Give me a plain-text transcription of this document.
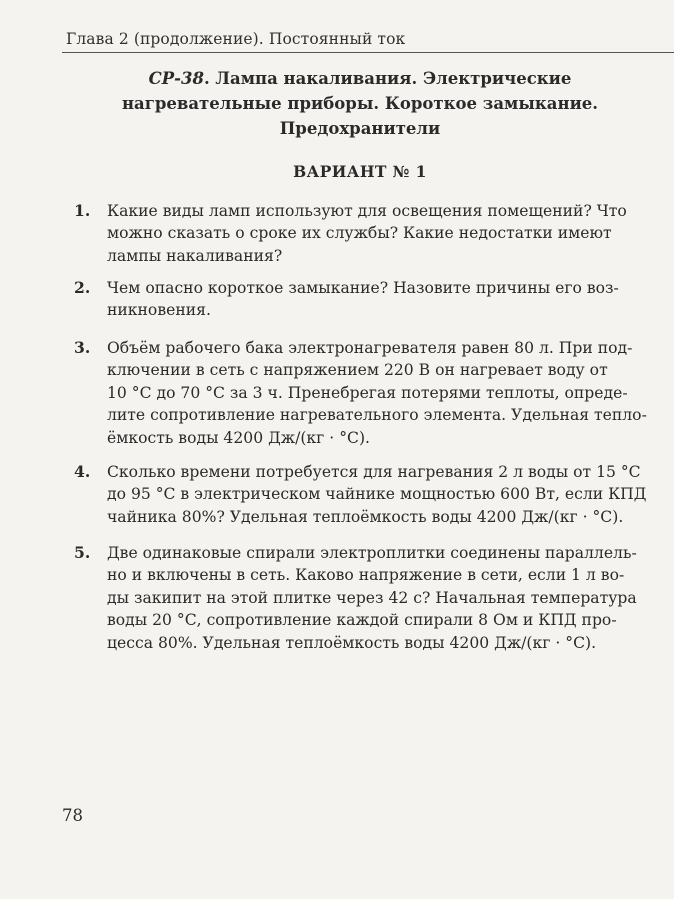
Глава 2 (продолжение). Постоянный ток
СР-38. Лампа накаливания. Электрические нагревательные приборы. Короткое замыкание. Предохранители
ВАРИАНТ № 1
1. Какие виды ламп используют для освещения помещений? Что
можно сказать о сроке их службы? Какие недостатки имеют
лампы накаливания?
2. Чем опасно короткое замыкание? Назовите причины его воз-
никновения.
3. Объём рабочего бака электронагревателя равен 80 л. При под-
ключении в сеть с напряжением 220 В он нагревает воду от
10 °С до 70 °С за 3 ч. Пренебрегая потерями теплоты, опреде-
лите сопротивление нагревательного элемента. Удельная тепло-
ёмкость воды 4200 Дж/(кг · °С).
4. Сколько времени потребуется для нагревания 2 л воды от 15 °С
до 95 °С в электрическом чайнике мощностью 600 Вт, если КПД
чайника 80%? Удельная теплоёмкость воды 4200 Дж/(кг · °С).
5. Две одинаковые спирали электроплитки соединены параллель-
но и включены в сеть. Каково напряжение в сети, если 1 л во-
ды закипит на этой плитке через 42 с? Начальная температура
воды 20 °С, сопротивление каждой спирали 8 Ом и КПД про-
цесса 80%. Удельная теплоёмкость воды 4200 Дж/(кг · °С).
78
